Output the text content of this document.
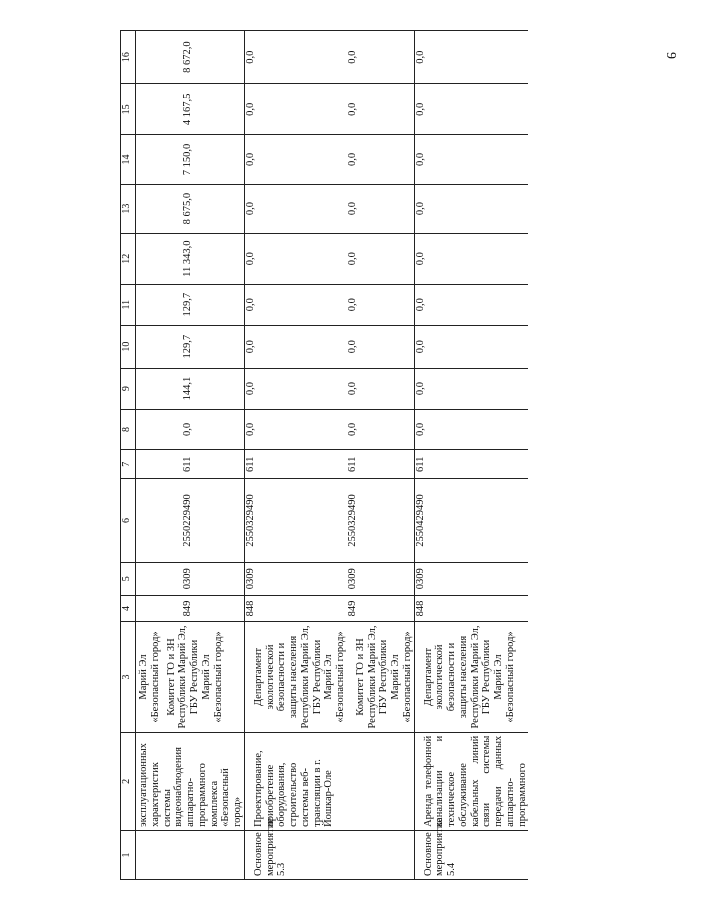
9
1	2	3	4	5	6	7	8	9	10	11	12	13	14	15	16
	эксплуатационных характеристик системы видеонаблюдения аппаратно-программного комплекса «Безопасный город»	Марий Эл «Безопасный город» Комитет ГО и ЗН Республики Марий Эл, ГБУ Республики Марий Эл «Безопасный город»	849	0309	2550229490	611	0,0	144,1	129,7	129,7	11 343,0	8 675,0	7 150,0	4 167,5	8 672,0
Основное мероприятие 5.3	Проектирование, приобретение оборудования, строительство системы веб-трансляции в г. Йошкар-Оле	Департамент экологической безопасности и защиты населения Республики Марий Эл, ГБУ Республики Марий Эл «Безопасный город»	848	0309	2550329490	611	0,0	0,0	0,0	0,0	0,0	0,0	0,0	0,0	0,0
		Комитет ГО и ЗН Республики Марий Эл, ГБУ Республики Марий Эл «Безопасный город»	849	0309	2550329490	611	0,0	0,0	0,0	0,0	0,0	0,0	0,0	0,0	0,0
Основное мероприятие 5.4	Аренда телефонной канализации и техническое обслуживание кабельных линий связи системы передачи данных аппаратно-программного	Департамент экологической безопасности и защиты населения Республики Марий Эл, ГБУ Республики Марий Эл «Безопасный город»	848	0309	2550429490	611	0,0	0,0	0,0	0,0	0,0	0,0	0,0	0,0	0,0
